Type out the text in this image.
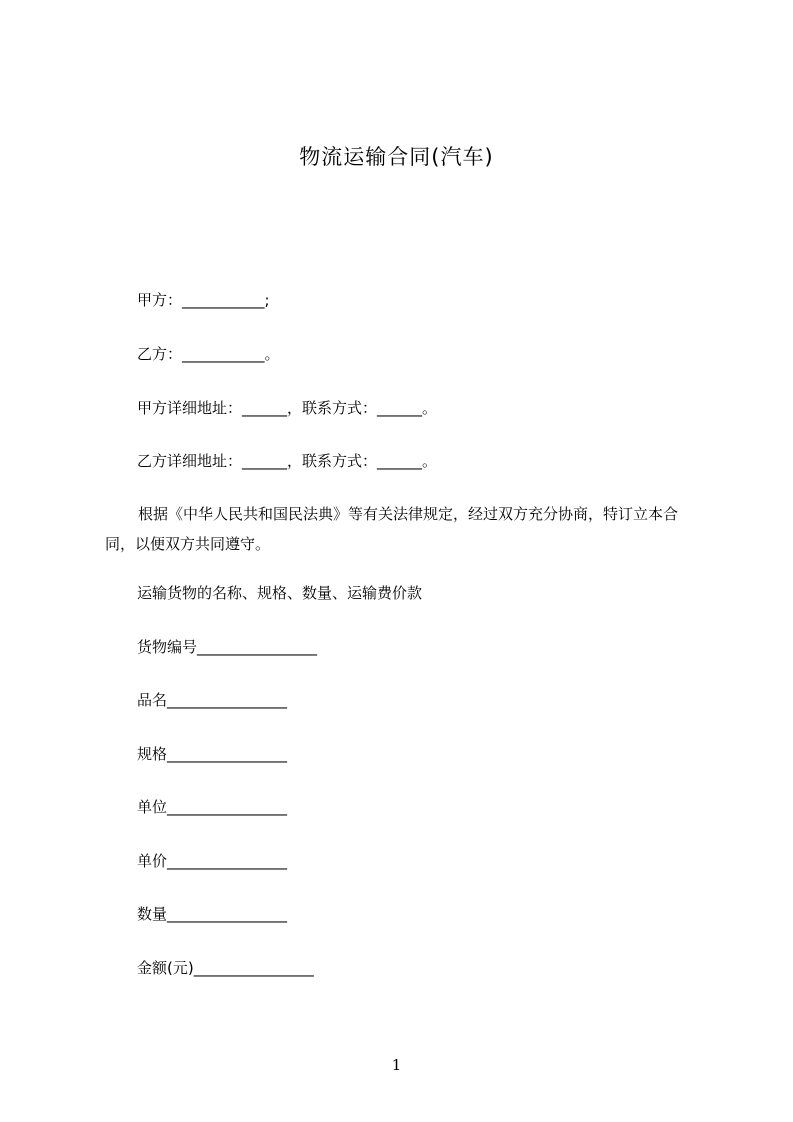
物流运输合同(汽车)
甲方：___________;
乙方：___________。
甲方详细地址：______，联系方式：______。
乙方详细地址：______，联系方式：______。
根据《中华人民共和国民法典》等有关法律规定，经过双方充分协商，特订立本合同，以便双方共同遵守。
运输货物的名称、规格、数量、运输费价款
货物编号________________
品名________________
规格________________
单位________________
单价________________
数量________________
金额(元)________________
1
